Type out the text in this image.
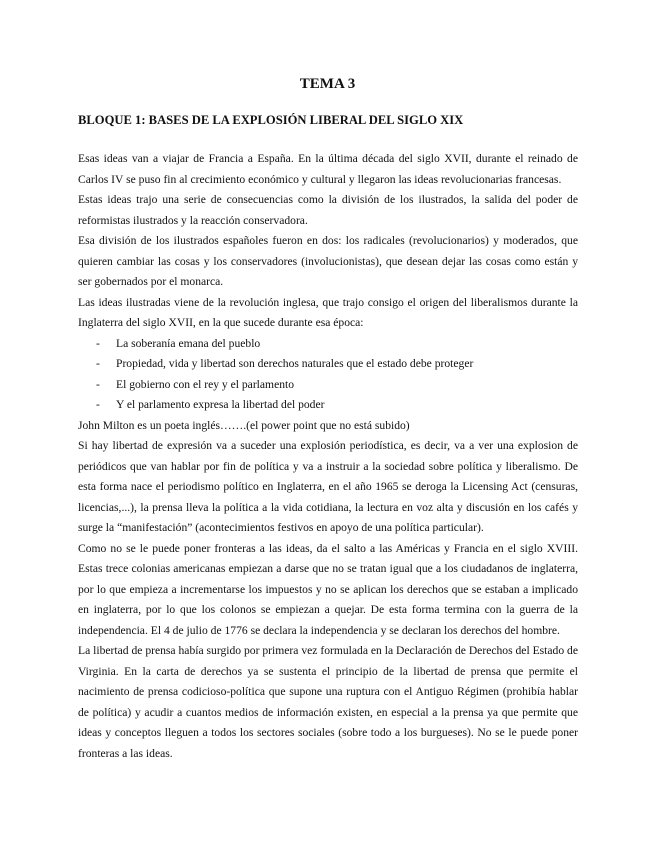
TEMA 3
BLOQUE 1: BASES DE LA EXPLOSIÓN LIBERAL DEL SIGLO XIX

Esas ideas van a viajar de Francia a España. En la última década del siglo XVII, durante el reinado de Carlos IV se puso fin al crecimiento económico y cultural y llegaron las ideas revolucionarias francesas.

Estas ideas trajo una serie de consecuencias como la división de los ilustrados, la salida del poder de reformistas ilustrados y la reacción conservadora.

Esa división de los ilustrados españoles fueron en dos: los radicales (revolucionarios) y moderados, que quieren cambiar las cosas y los conservadores (involucionistas), que desean dejar las cosas como están y ser gobernados por el monarca.

Las ideas ilustradas viene de la revolución inglesa, que trajo consigo el origen del liberalismos durante la Inglaterra del siglo XVII, en la que sucede durante esa época:

- La soberanía emana del pueblo
- Propiedad, vida y libertad son derechos naturales que el estado debe proteger
- El gobierno con el rey y el parlamento
- Y el parlamento expresa la libertad del poder

John Milton es un poeta inglés…….(el power point que no está subido)

Si hay libertad de expresión va a suceder una explosión periodística, es decir, va a ver una explosion de periódicos que van hablar por fin de política y va a instruir a la sociedad sobre política y liberalismo. De esta forma nace el periodismo político en Inglaterra, en el año 1965 se deroga la Licensing Act (censuras, licencias,...), la prensa lleva la política a la vida cotidiana, la lectura en voz alta y discusión en los cafés y surge la “manifestación” (acontecimientos festivos en apoyo de una política particular).

Como no se le puede poner fronteras a las ideas, da el salto a las Américas y Francia en el siglo XVIII. Estas trece colonias americanas empiezan a darse que no se tratan igual que a los ciudadanos de inglaterra, por lo que empieza a incrementarse los impuestos y no se aplican los derechos que se estaban a implicado en inglaterra, por lo que los colonos se empiezan a quejar. De esta forma termina con la guerra de la independencia. El 4 de julio de 1776 se declara la independencia y se declaran los derechos del hombre.

La libertad de prensa había surgido por primera vez formulada en la Declaración de Derechos del Estado de Virginia. En la carta de derechos ya se sustenta el principio de la libertad de prensa que permite el nacimiento de prensa codicioso-política que supone una ruptura con el Antiguo Régimen (prohibía hablar de política) y acudir a cuantos medios de información existen, en especial a la prensa ya que permite que ideas y conceptos lleguen a todos los sectores sociales (sobre todo a los burgueses). No se le puede poner fronteras a las ideas.
